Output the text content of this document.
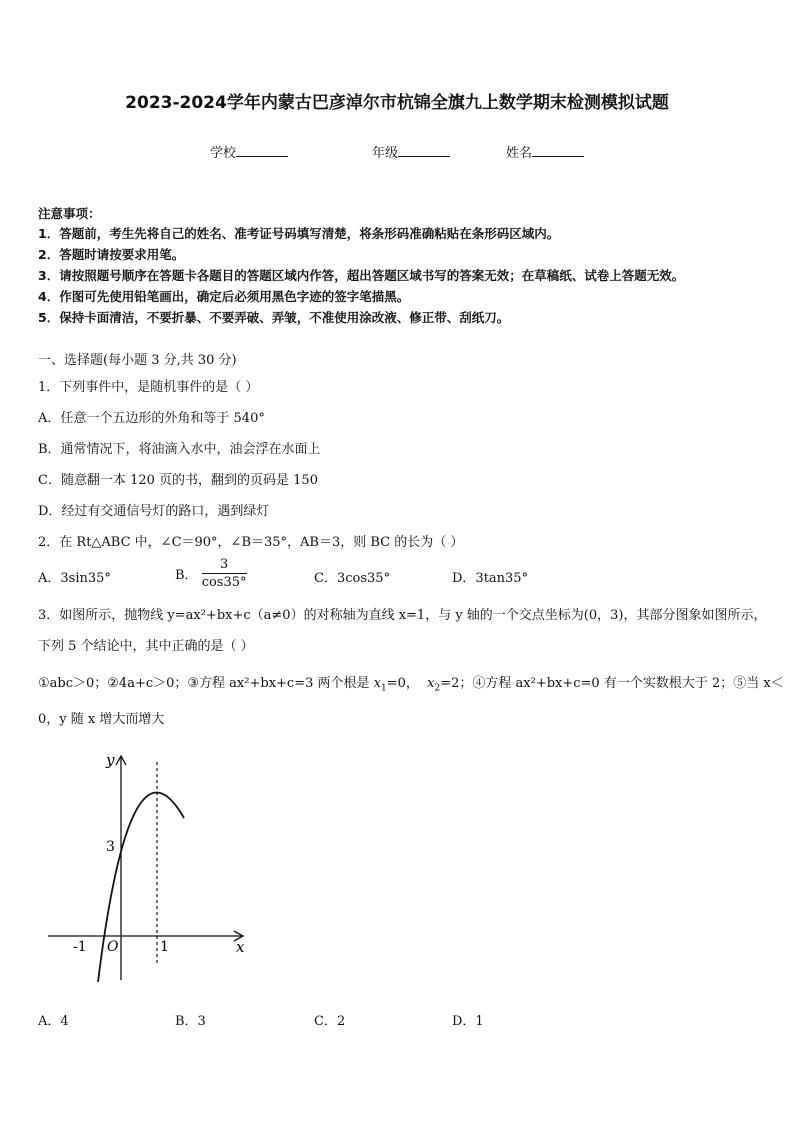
2023-2024学年内蒙古巴彦淖尔市杭锦全旗九上数学期末检测模拟试题
学校	年级	姓名
注意事项：
1．答题前，考生先将自己的姓名、准考证号码填写清楚，将条形码准确粘贴在条形码区域内。
2．答题时请按要求用笔。
3．请按照题号顺序在答题卡各题目的答题区域内作答，超出答题区域书写的答案无效；在草稿纸、试卷上答题无效。
4．作图可先使用铅笔画出，确定后必须用黑色字迹的签字笔描黑。
5．保持卡面清洁，不要折暴、不要弄破、弄皱，不准使用涂改液、修正带、刮纸刀。
一、选择题(每小题 3 分,共 30 分)
1．下列事件中，是随机事件的是（ ）
A．任意一个五边形的外角和等于 540°
B．通常情况下，将油滴入水中，油会浮在水面上
C．随意翻一本 120 页的书，翻到的页码是 150
D．经过有交通信号灯的路口，遇到绿灯
2．在 Rt△ABC 中，∠C＝90°，∠B＝35°，AB＝3，则 BC 的长为（ ）
A．3sin35°	B． $\frac{3}{\cos 35^\circ}$	C．3cos35°	D．3tan35°
3．如图所示，抛物线 y=ax²+bx+c（a≠0）的对称轴为直线 x=1，与 y 轴的一个交点坐标为(0，3)，其部分图象如图所示，
下列 5 个结论中，其中正确的是（ ）
①abc＞0；②4a+c＞0；③方程 ax²+bx+c=3 两个根是 $x_1=0$， $x_2=2$；④方程 ax²+bx+c=0 有一个实数根大于 2；⑤当 x＜
0，y 随 x 增大而增大
y
x
O
-1	1
3
A．4	B．3	C．2	D．1
